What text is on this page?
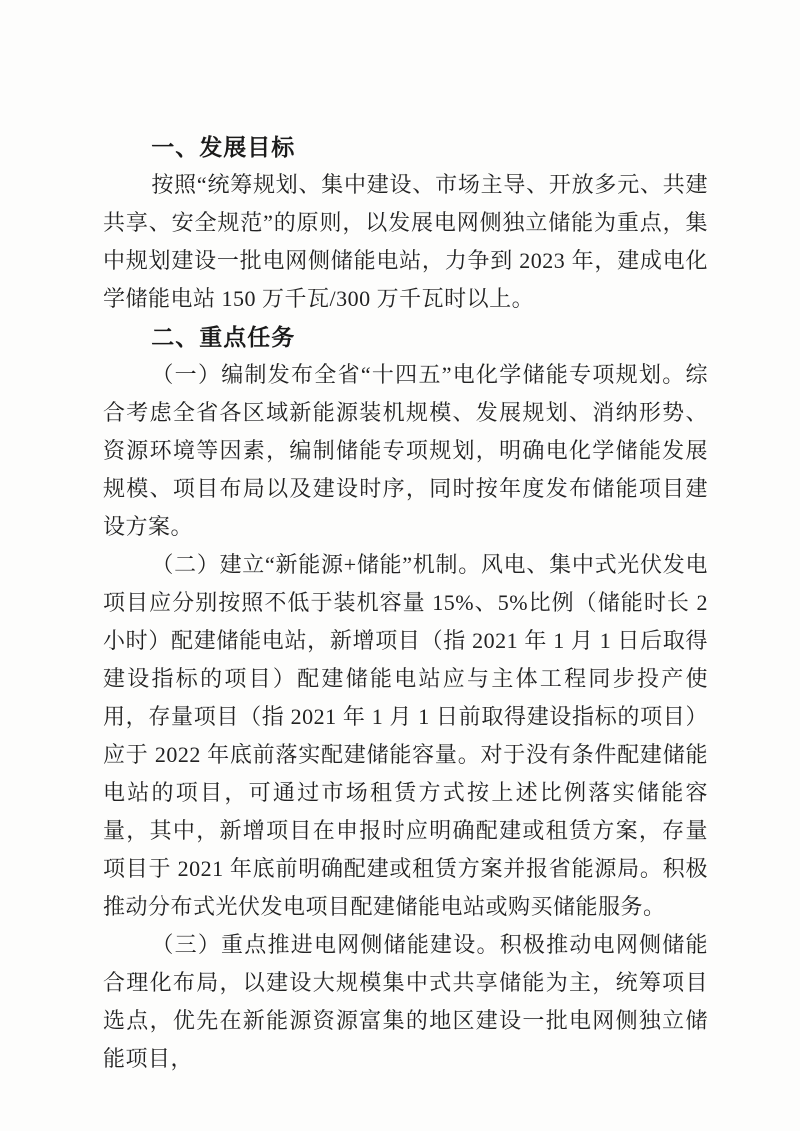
一、发展目标

按照“统筹规划、集中建设、市场主导、开放多元、共建共享、安全规范”的原则，以发展电网侧独立储能为重点，集中规划建设一批电网侧储能电站，力争到 2023 年，建成电化学储能电站 150 万千瓦/300 万千瓦时以上。

二、重点任务

（一）编制发布全省“十四五”电化学储能专项规划。综合考虑全省各区域新能源装机规模、发展规划、消纳形势、资源环境等因素，编制储能专项规划，明确电化学储能发展规模、项目布局以及建设时序，同时按年度发布储能项目建设方案。

（二）建立“新能源+储能”机制。风电、集中式光伏发电项目应分别按照不低于装机容量 15%、5%比例（储能时长 2 小时）配建储能电站，新增项目（指 2021 年 1 月 1 日后取得建设指标的项目）配建储能电站应与主体工程同步投产使用，存量项目（指 2021 年 1 月 1 日前取得建设指标的项目）应于 2022 年底前落实配建储能容量。对于没有条件配建储能电站的项目，可通过市场租赁方式按上述比例落实储能容量，其中，新增项目在申报时应明确配建或租赁方案，存量项目于 2021 年底前明确配建或租赁方案并报省能源局。积极推动分布式光伏发电项目配建储能电站或购买储能服务。

（三）重点推进电网侧储能建设。积极推动电网侧储能合理化布局，以建设大规模集中式共享储能为主，统筹项目选点，优先在新能源资源富集的地区建设一批电网侧独立储能项目，
